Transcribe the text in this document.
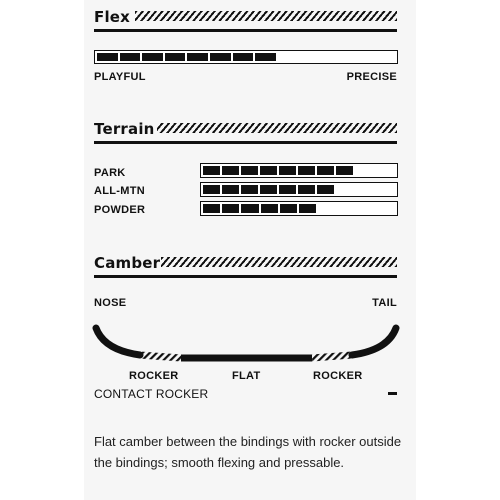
Flex
PLAYFUL	PRECISE
Terrain
PARK
ALL-MTN
POWDER
Camber
NOSE	TAIL
ROCKER	FLAT	ROCKER
CONTACT ROCKER
Flat camber between the bindings with rocker outside the bindings; smooth flexing and pressable.
